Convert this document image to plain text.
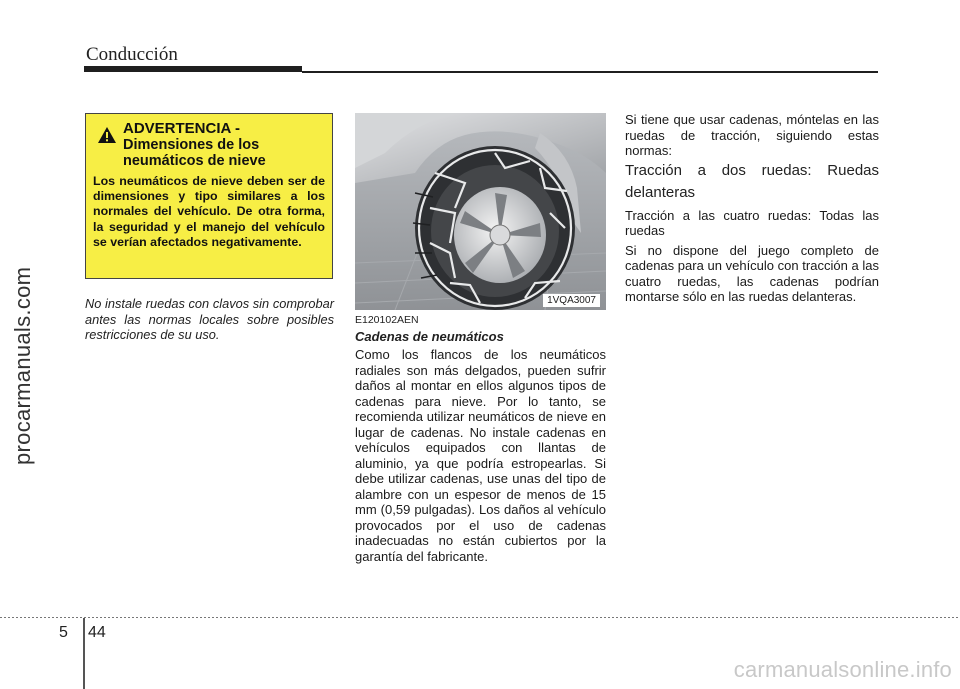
Conducción
procarmanuals.com
ADVERTENCIA -
Dimensiones de los
neumáticos de nieve
Los neumáticos de nieve deben ser de dimensiones y tipo similares a los normales del vehículo. De otra forma, la seguridad y el manejo del vehículo se verían afectados negativamente.
No instale ruedas con clavos sin comprobar antes las normas locales sobre posibles restricciones de su uso.
1VQA3007
E120102AEN
Cadenas de neumáticos

Como los flancos de los neumáticos radiales son más delgados, pueden sufrir daños al montar en ellos algunos tipos de cadenas para nieve. Por lo tanto, se recomienda utilizar neumáticos de nieve en lugar de cadenas. No instale cadenas en vehículos equipados con llantas de aluminio, ya que podría estropearlas. Si debe utilizar cadenas, use unas del tipo de alambre con un espesor de menos de 15 mm (0,59 pulgadas). Los daños al vehículo provocados por el uso de cadenas inadecuadas no están cubiertos por la garantía del fabricante.

Si tiene que usar cadenas, móntelas en las ruedas de tracción, siguiendo estas normas:

Tracción a dos ruedas: Ruedas
delanteras

Tracción a las cuatro ruedas: Todas las ruedas

Si no dispone del juego completo de cadenas para un vehículo con tracción a las cuatro ruedas, las cadenas podrían montarse sólo en las ruedas delanteras.

5 44
carmanualsonline.info
